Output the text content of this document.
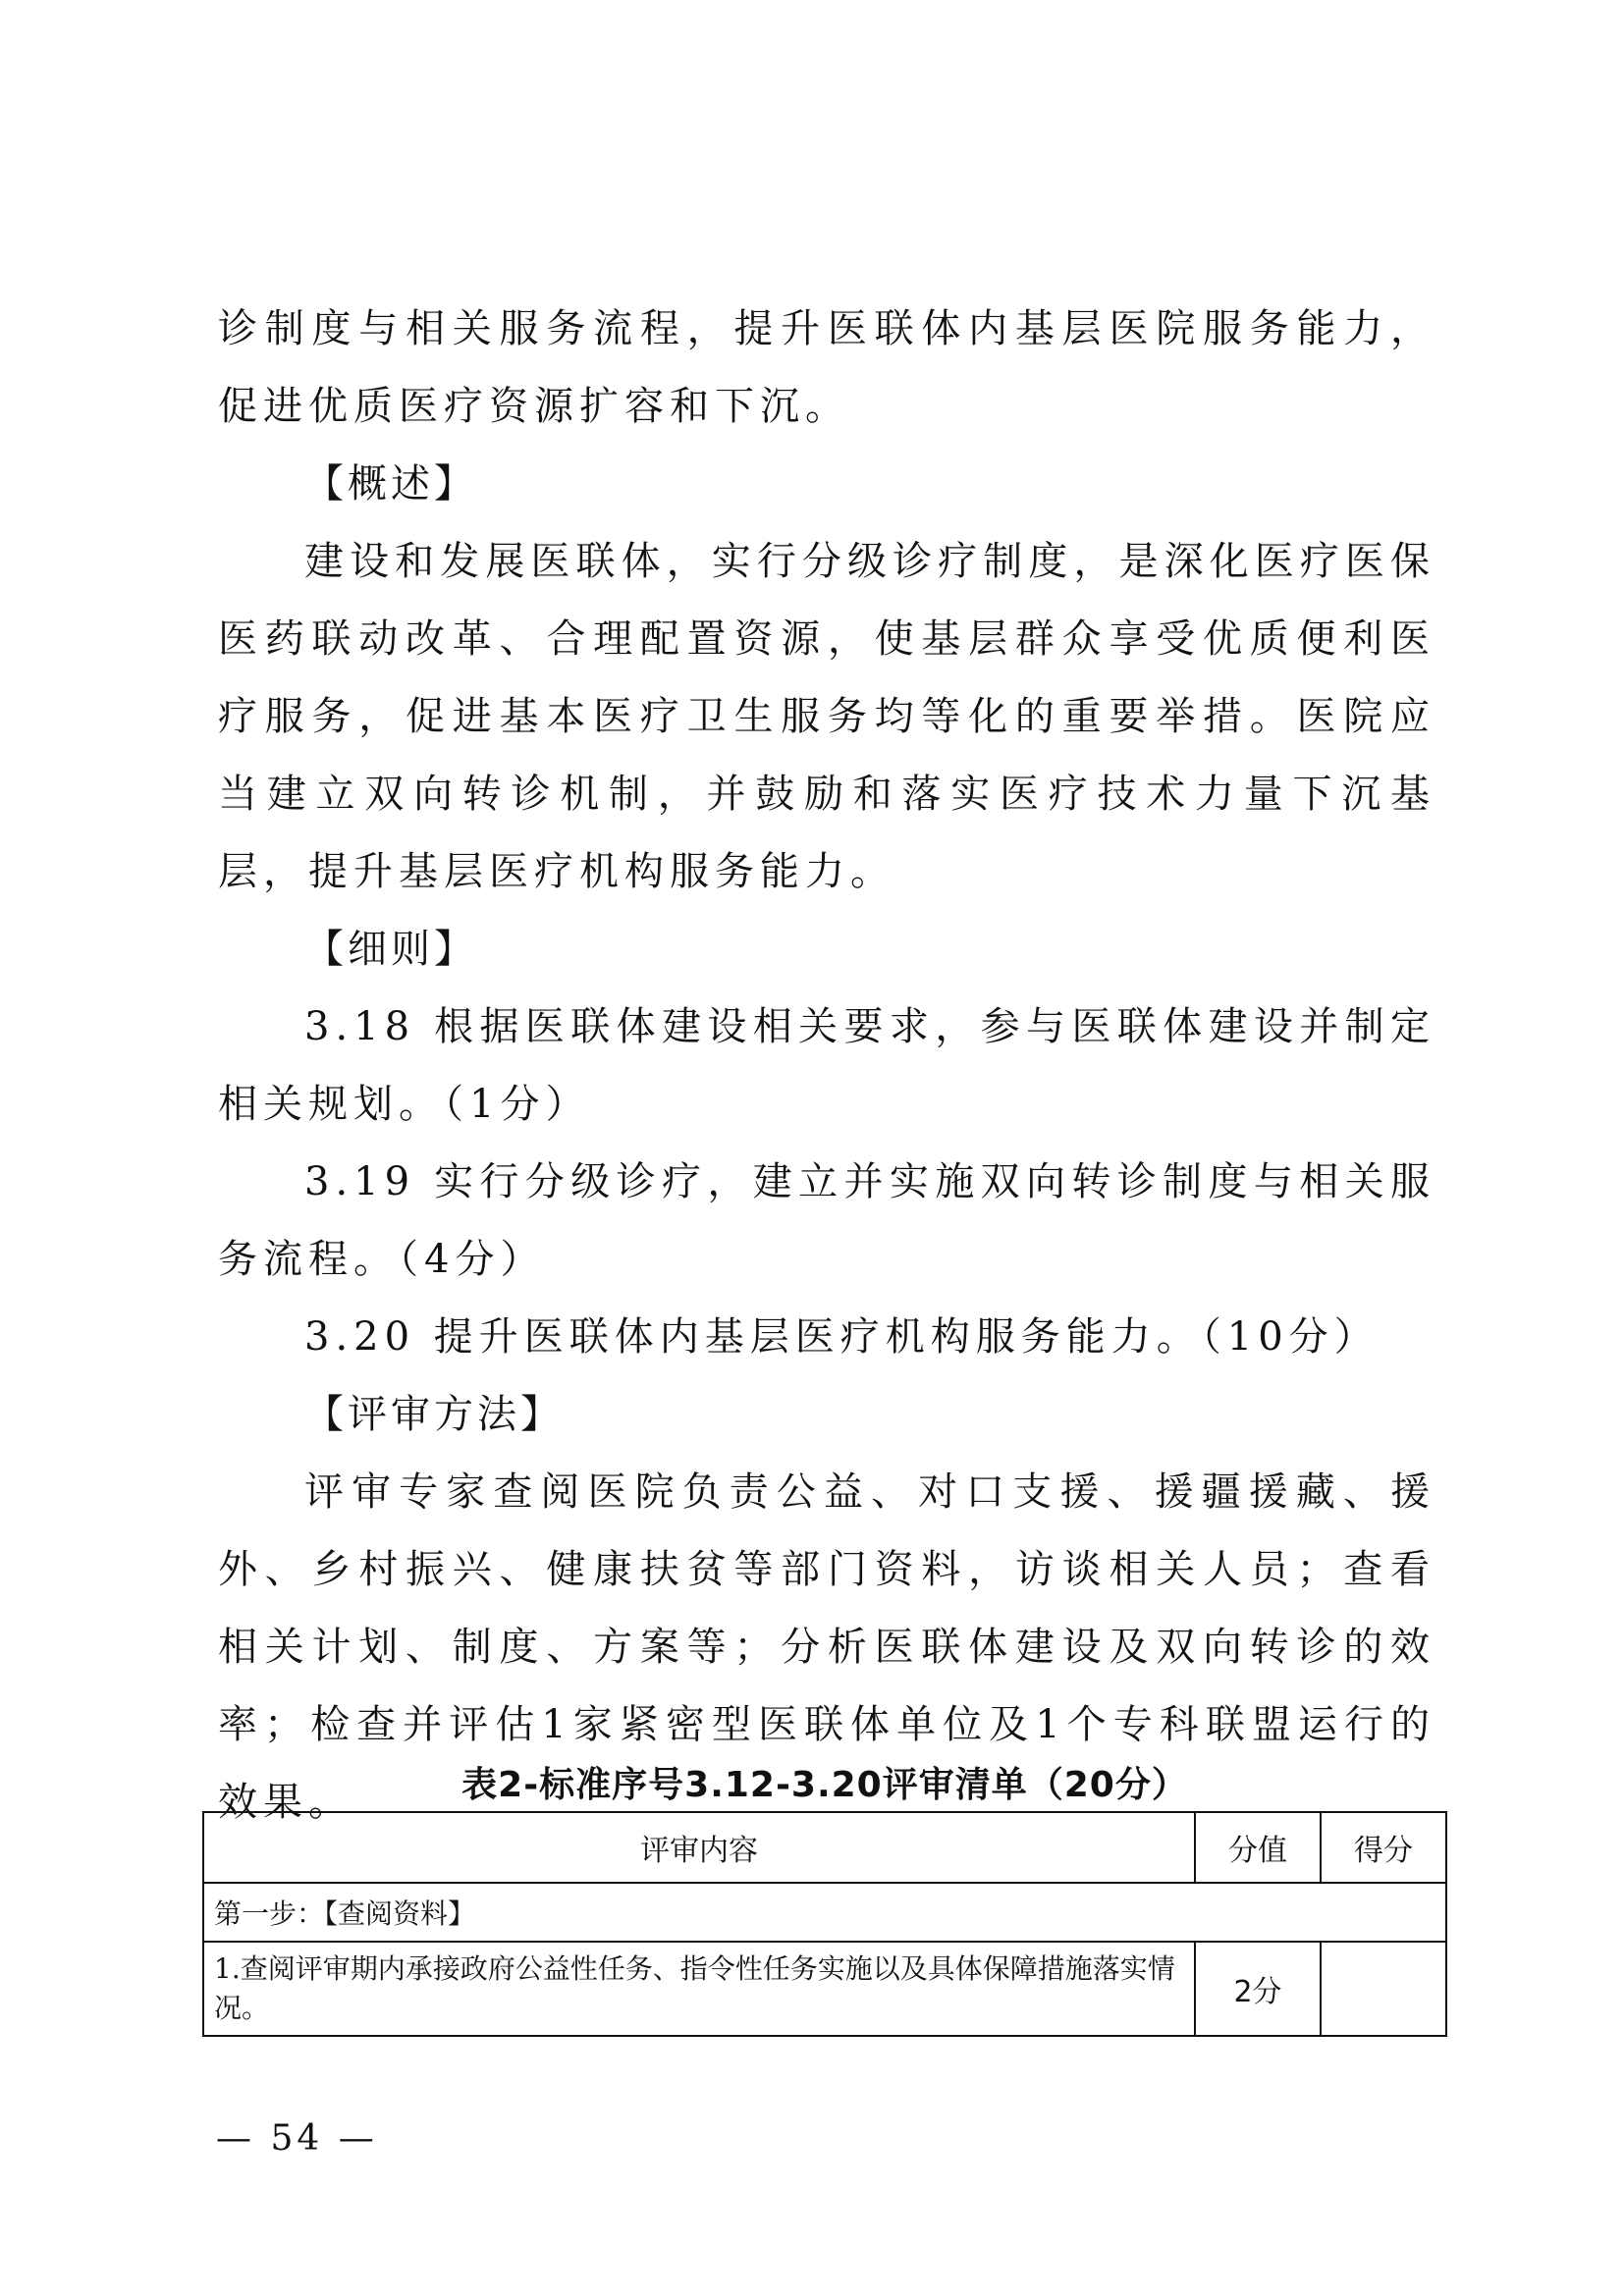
诊制度与相关服务流程，提升医联体内基层医院服务能力，促进优质医疗资源扩容和下沉。

【概述】

建设和发展医联体，实行分级诊疗制度，是深化医疗医保医药联动改革、合理配置资源，使基层群众享受优质便利医疗服务，促进基本医疗卫生服务均等化的重要举措。医院应当建立双向转诊机制，并鼓励和落实医疗技术力量下沉基层，提升基层医疗机构服务能力。

【细则】

3.18 根据医联体建设相关要求，参与医联体建设并制定相关规划。（1分）

3.19 实行分级诊疗，建立并实施双向转诊制度与相关服务流程。（4分）

3.20 提升医联体内基层医疗机构服务能力。（10分）

【评审方法】

评审专家查阅医院负责公益、对口支援、援疆援藏、援外、乡村振兴、健康扶贫等部门资料，访谈相关人员；查看相关计划、制度、方案等；分析医联体建设及双向转诊的效率；检查并评估1家紧密型医联体单位及1个专科联盟运行的效果。	表2-标准序号3.12-3.20评审清单（20分）
评审内容	分值	得分
第一步：【查阅资料】		
1.查阅评审期内承接政府公益性任务、指令性任务实施以及具体保障措施落实情况。	2分	
— 54 —
